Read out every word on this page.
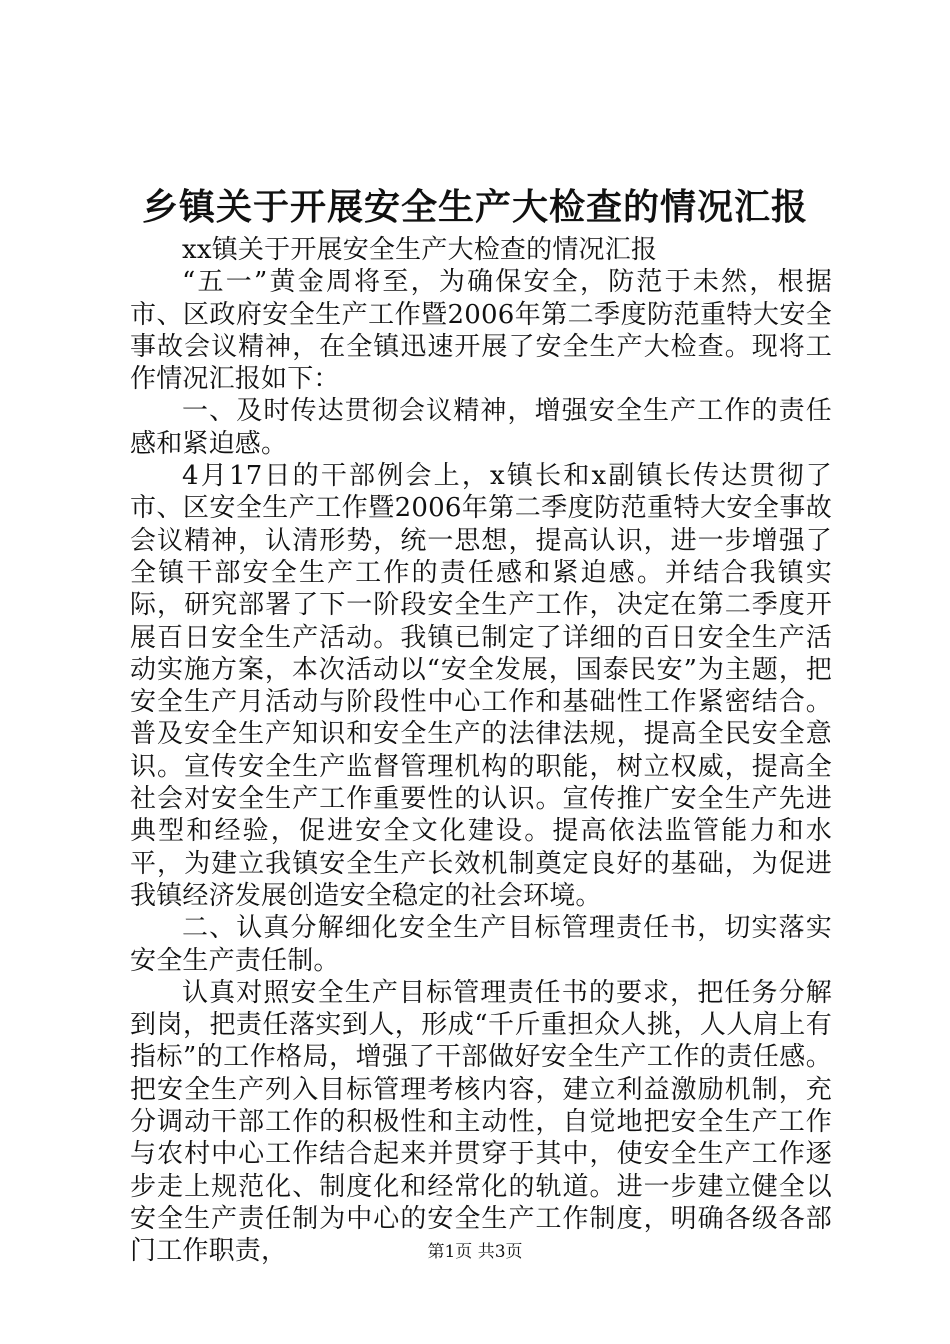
乡镇关于开展安全生产大检查的情况汇报

xx镇关于开展安全生产大检查的情况汇报

“五一”黄金周将至，为确保安全，防范于未然，根据市、区政府安全生产工作暨2006年第二季度防范重特大安全事故会议精神，在全镇迅速开展了安全生产大检查。现将工作情况汇报如下：

一、及时传达贯彻会议精神，增强安全生产工作的责任感和紧迫感。

4月17日的干部例会上，x镇长和x副镇长传达贯彻了市、区安全生产工作暨2006年第二季度防范重特大安全事故会议精神，认清形势，统一思想，提高认识，进一步增强了全镇干部安全生产工作的责任感和紧迫感。并结合我镇实际，研究部署了下一阶段安全生产工作，决定在第二季度开展百日安全生产活动。我镇已制定了详细的百日安全生产活动实施方案，本次活动以“安全发展，国泰民安”为主题，把安全生产月活动与阶段性中心工作和基础性工作紧密结合。普及安全生产知识和安全生产的法律法规，提高全民安全意识。宣传安全生产监督管理机构的职能，树立权威，提高全社会对安全生产工作重要性的认识。宣传推广安全生产先进典型和经验，促进安全文化建设。提高依法监管能力和水平，为建立我镇安全生产长效机制奠定良好的基础，为促进我镇经济发展创造安全稳定的社会环境。

二、认真分解细化安全生产目标管理责任书，切实落实安全生产责任制。

认真对照安全生产目标管理责任书的要求，把任务分解到岗，把责任落实到人，形成“千斤重担众人挑，人人肩上有指标”的工作格局，增强了干部做好安全生产工作的责任感。把安全生产列入目标管理考核内容，建立利益激励机制，充分调动干部工作的积极性和主动性，自觉地把安全生产工作与农村中心工作结合起来并贯穿于其中，使安全生产工作逐步走上规范化、制度化和经常化的轨道。进一步建立健全以安全生产责任制为中心的安全生产工作制度，明确各级各部门工作职责，	第1页 共3页
